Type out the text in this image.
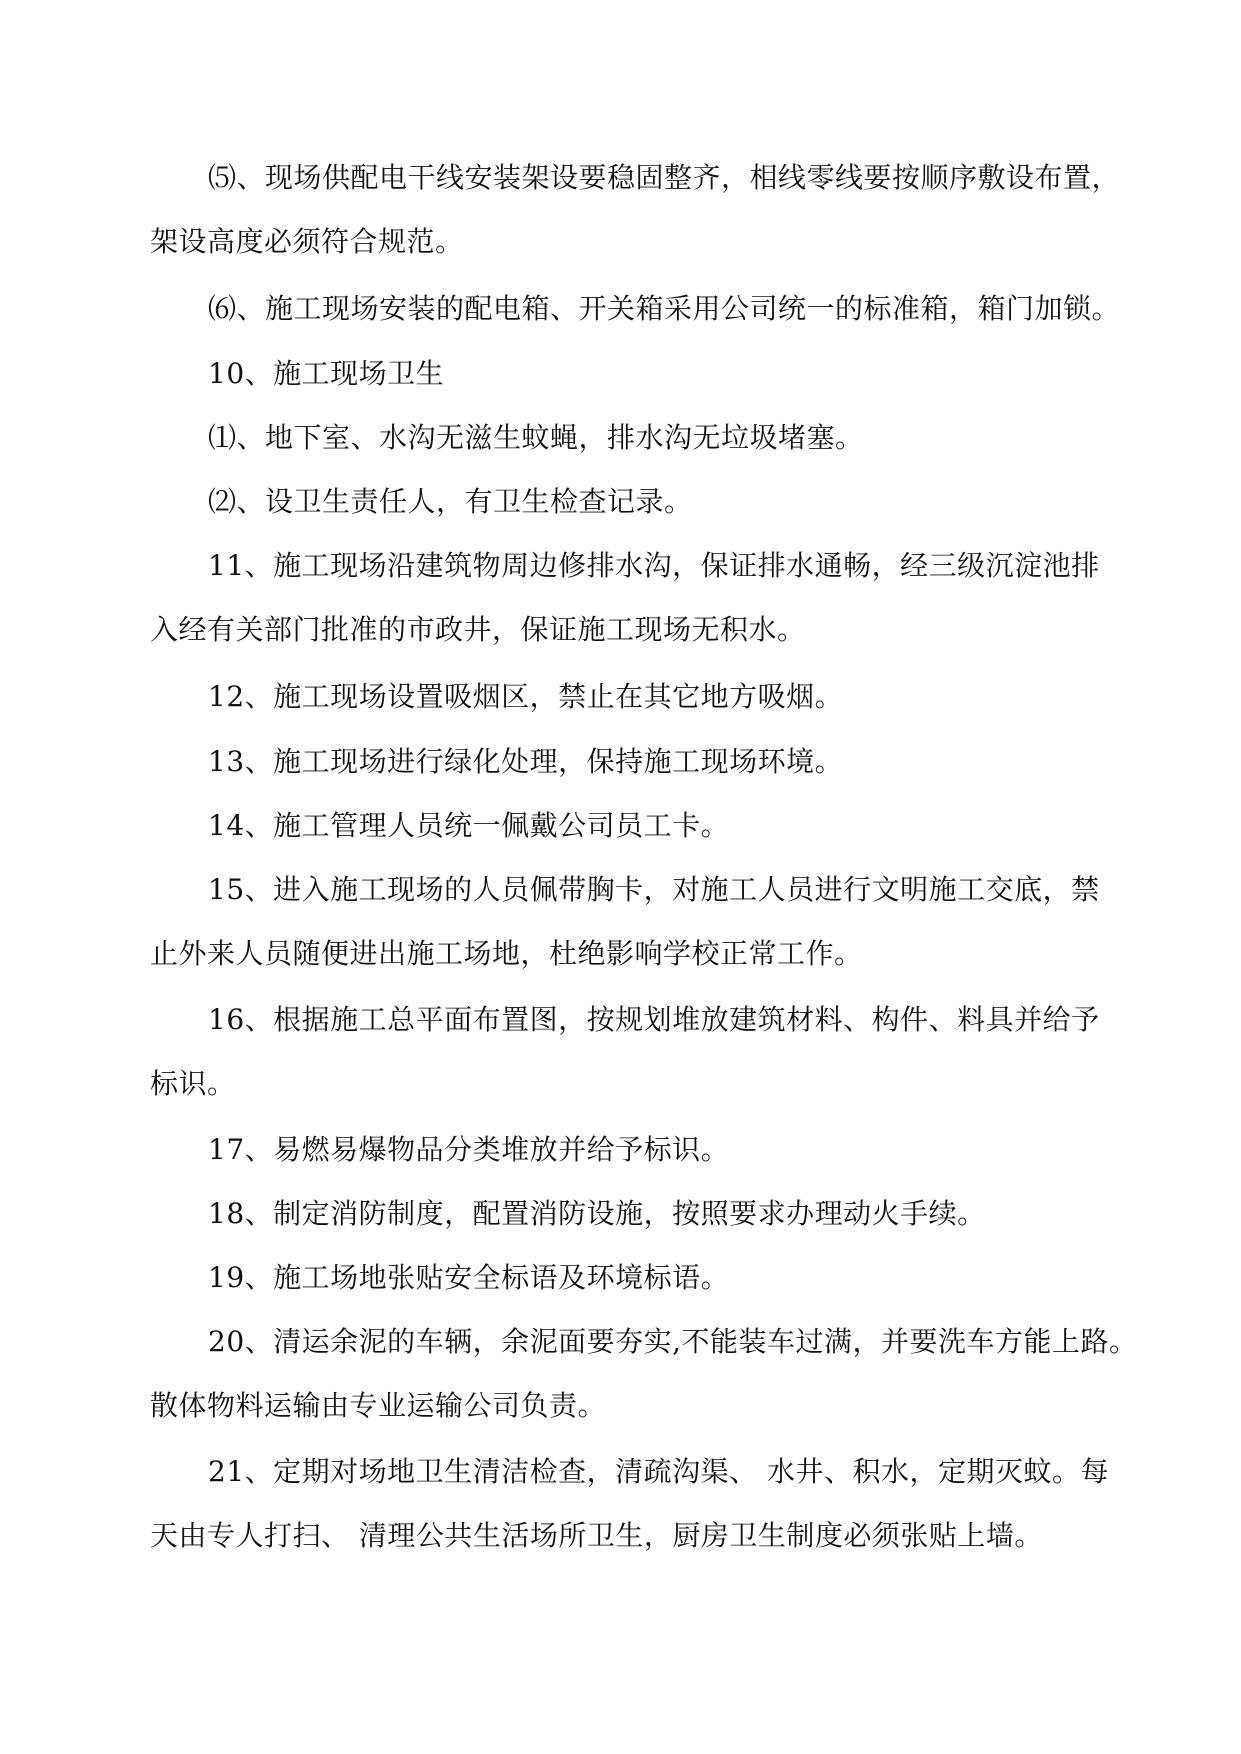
⑸、现场供配电干线安装架设要稳固整齐，相线零线要按顺序敷设布置，
架设高度必须符合规范。
⑹、施工现场安装的配电箱、开关箱采用公司统一的标准箱，箱门加锁。
10、施工现场卫生
⑴、地下室、水沟无滋生蚊蝇，排水沟无垃圾堵塞。
⑵、设卫生责任人，有卫生检查记录。
11、施工现场沿建筑物周边修排水沟，保证排水通畅，经三级沉淀池排
入经有关部门批准的市政井，保证施工现场无积水。
12、施工现场设置吸烟区，禁止在其它地方吸烟。
13、施工现场进行绿化处理，保持施工现场环境。
14、施工管理人员统一佩戴公司员工卡。
15、进入施工现场的人员佩带胸卡，对施工人员进行文明施工交底，禁
止外来人员随便进出施工场地，杜绝影响学校正常工作。
16、根据施工总平面布置图，按规划堆放建筑材料、构件、料具并给予
标识。
17、易燃易爆物品分类堆放并给予标识。
18、制定消防制度，配置消防设施，按照要求办理动火手续。
19、施工场地张贴安全标语及环境标语。
20、清运余泥的车辆，余泥面要夯实,不能装车过满，并要洗车方能上路。
散体物料运输由专业运输公司负责。
21、定期对场地卫生清洁检查，清疏沟渠、 水井、积水，定期灭蚊。每
天由专人打扫、 清理公共生活场所卫生，厨房卫生制度必须张贴上墙。
